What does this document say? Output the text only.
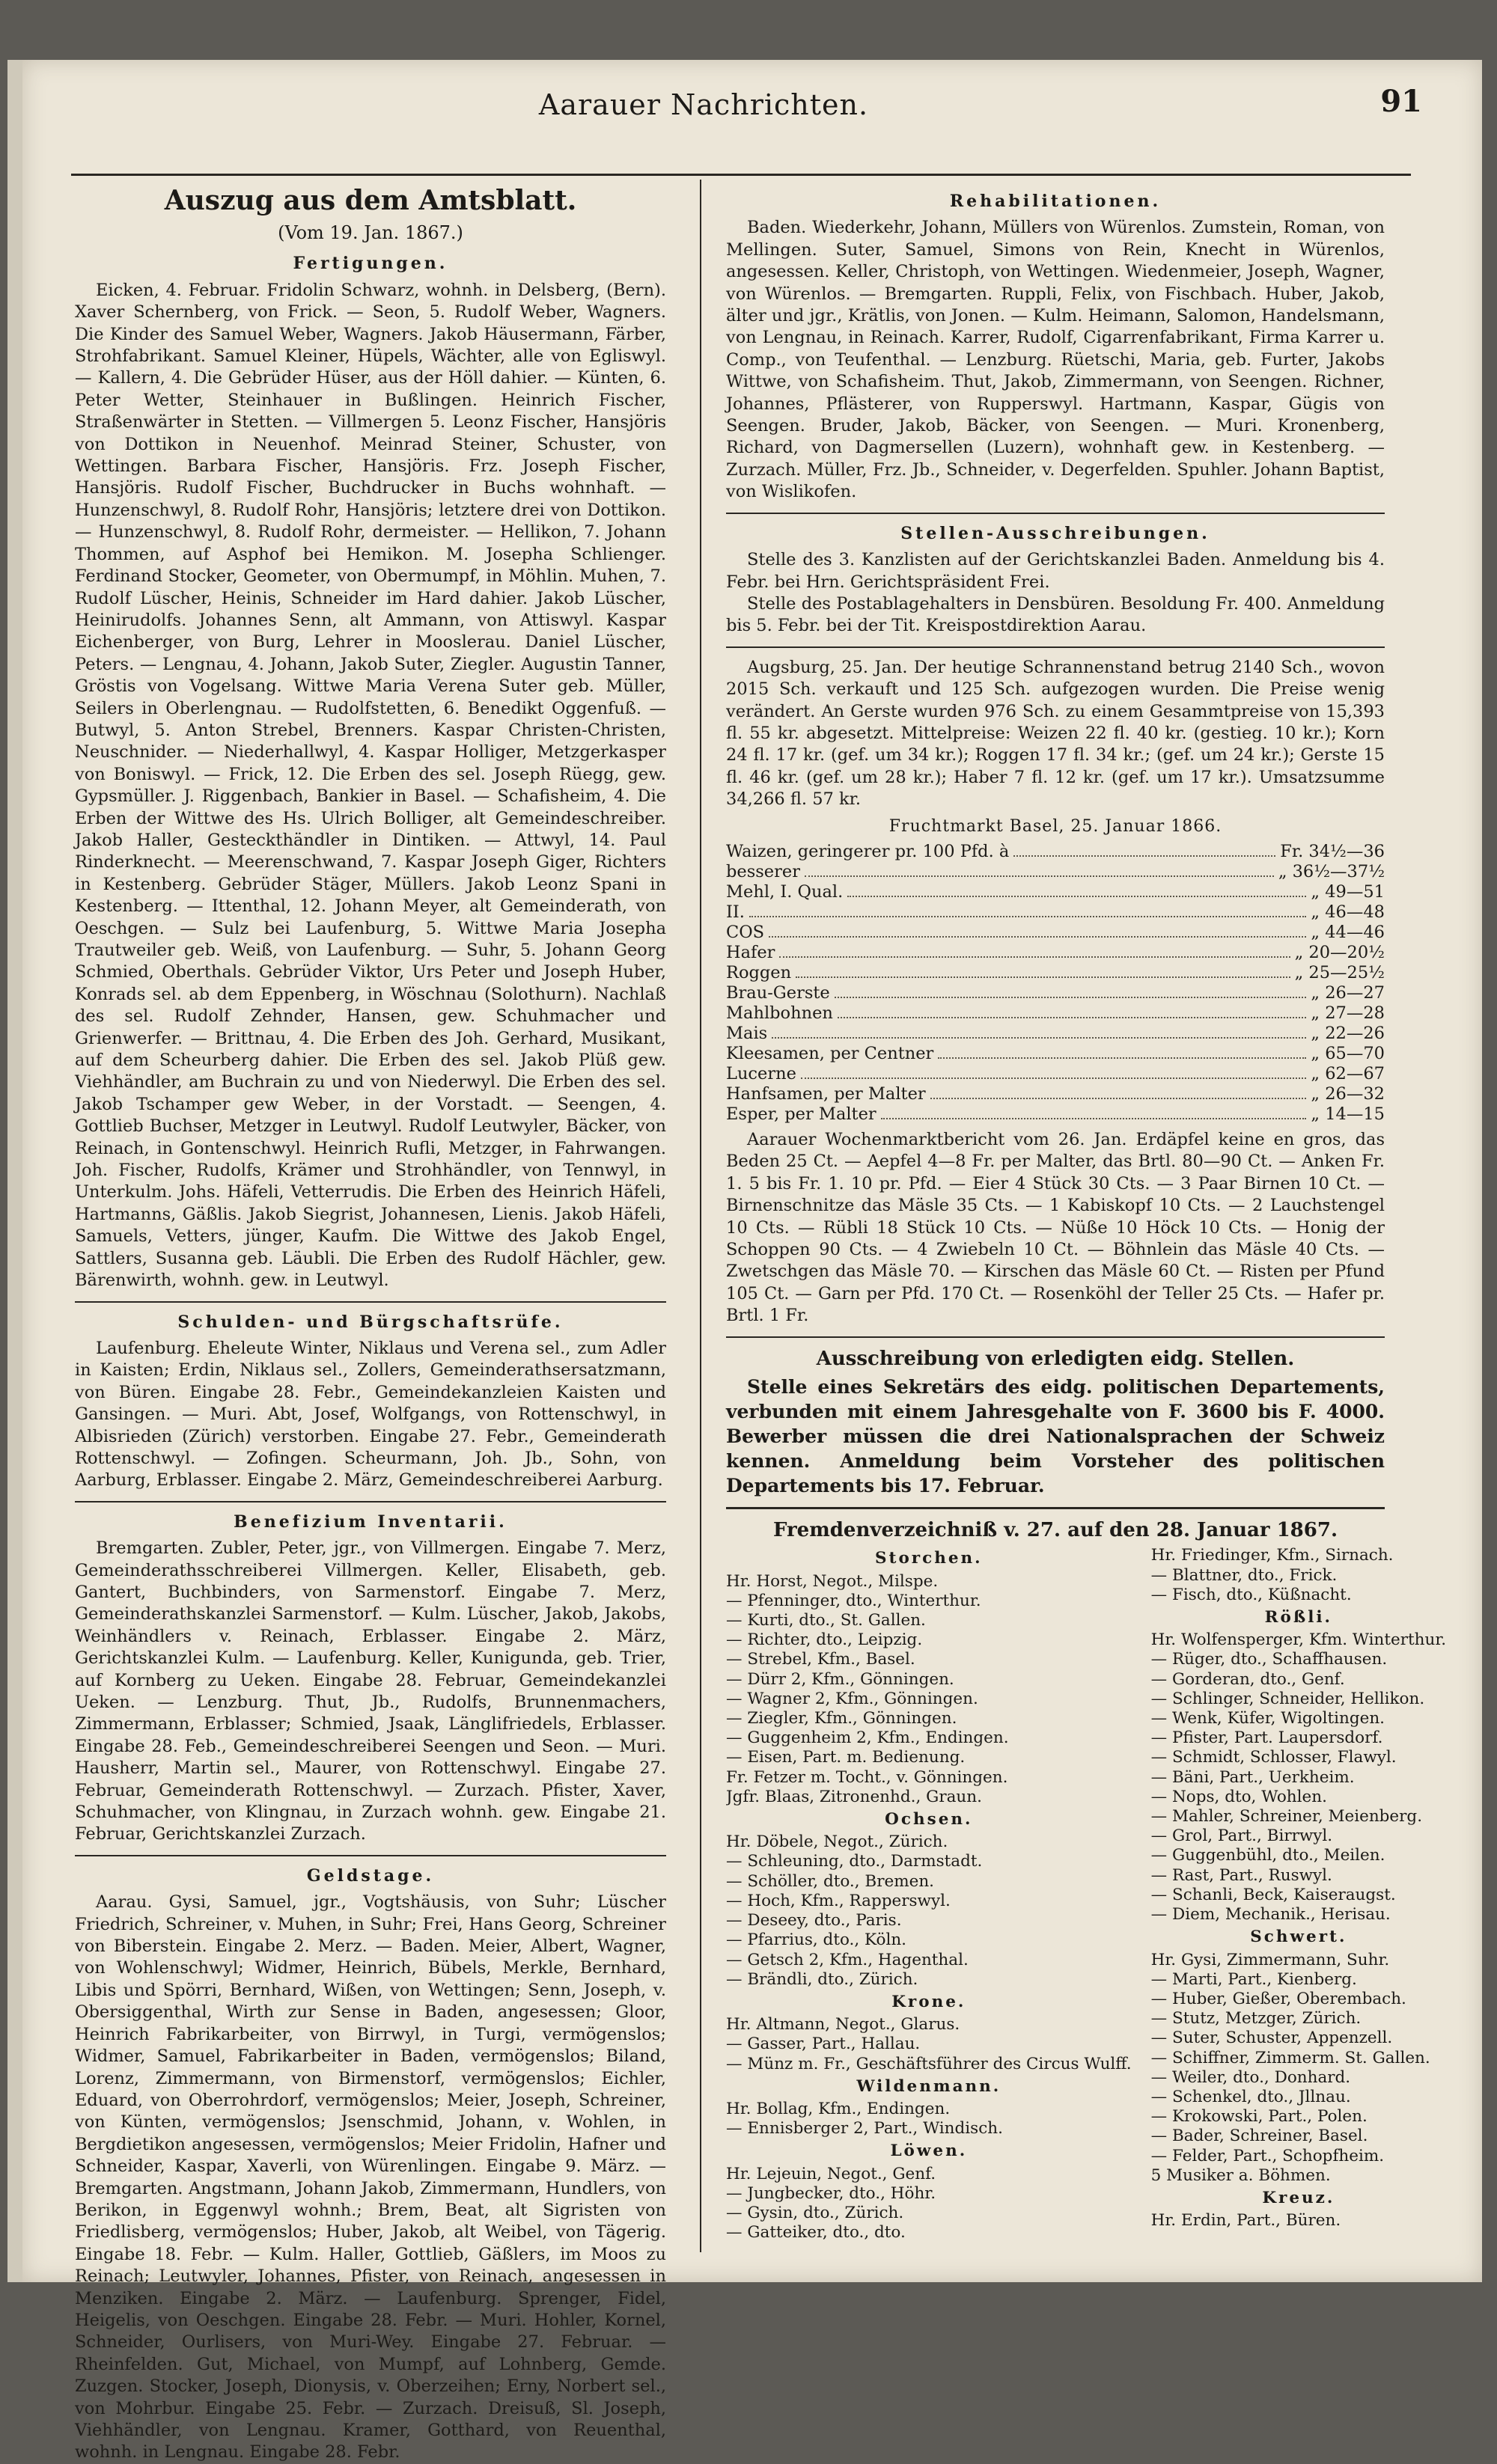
Aarauer Nachrichten.	91
Auszug aus dem Amtsblatt.
(Vom 19. Jan. 1867.)
Fertigungen.

Eicken, 4. Februar. Fridolin Schwarz, wohnh. in Delsberg, (Bern). Xaver Schernberg, von Frick. — Seon, 5. Rudolf Weber, Wagners. Die Kinder des Samuel Weber, Wagners. Jakob Häusermann, Färber, Strohfabrikant. Samuel Kleiner, Hüpels, Wächter, alle von Egliswyl. — Kallern, 4. Die Gebrüder Hüser, aus der Höll dahier. — Künten, 6. Peter Wetter, Steinhauer in Bußlingen. Heinrich Fischer, Straßenwärter in Stetten. — Villmergen 5. Leonz Fischer, Hansjöris von Dottikon in Neuenhof. Meinrad Steiner, Schuster, von Wettingen. Barbara Fischer, Hansjöris. Frz. Joseph Fischer, Hansjöris. Rudolf Fischer, Buchdrucker in Buchs wohnhaft. — Hunzenschwyl, 8. Rudolf Rohr, Hansjöris; letztere drei von Dottikon. — Hunzenschwyl, 8. Rudolf Rohr, dermeister. — Hellikon, 7. Johann Thommen, auf Asphof bei Hemikon. M. Josepha Schlienger. Ferdinand Stocker, Geometer, von Obermumpf, in Möhlin. Muhen, 7. Rudolf Lüscher, Heinis, Schneider im Hard dahier. Jakob Lüscher, Heinirudolfs. Johannes Senn, alt Ammann, von Attiswyl. Kaspar Eichenberger, von Burg, Lehrer in Mooslerau. Daniel Lüscher, Peters. — Lengnau, 4. Johann, Jakob Suter, Ziegler. Augustin Tanner, Gröstis von Vogelsang. Wittwe Maria Verena Suter geb. Müller, Seilers in Oberlengnau. — Rudolfstetten, 6. Benedikt Oggenfuß. — Butwyl, 5. Anton Strebel, Brenners. Kaspar Christen-Christen, Neuschnider. — Niederhallwyl, 4. Kaspar Holliger, Metzgerkasper von Boniswyl. — Frick, 12. Die Erben des sel. Joseph Rüegg, gew. Gypsmüller. J. Riggenbach, Bankier in Basel. — Schafisheim, 4. Die Erben der Wittwe des Hs. Ulrich Bolliger, alt Gemeindeschreiber. Jakob Haller, Gesteckthändler in Dintiken. — Attwyl, 14. Paul Rinderknecht. — Meerenschwand, 7. Kaspar Joseph Giger, Richters in Kestenberg. Gebrüder Stäger, Müllers. Jakob Leonz Spani in Kestenberg. — Ittenthal, 12. Johann Meyer, alt Gemeinderath, von Oeschgen. — Sulz bei Laufenburg, 5. Wittwe Maria Josepha Trautweiler geb. Weiß, von Laufenburg. — Suhr, 5. Johann Georg Schmied, Oberthals. Gebrüder Viktor, Urs Peter und Joseph Huber, Konrads sel. ab dem Eppenberg, in Wöschnau (Solothurn). Nachlaß des sel. Rudolf Zehnder, Hansen, gew. Schuhmacher und Grienwerfer. — Brittnau, 4. Die Erben des Joh. Gerhard, Musikant, auf dem Scheurberg dahier. Die Erben des sel. Jakob Plüß gew. Viehhändler, am Buchrain zu und von Niederwyl. Die Erben des sel. Jakob Tschamper gew Weber, in der Vorstadt. — Seengen, 4. Gottlieb Buchser, Metzger in Leutwyl. Rudolf Leutwyler, Bäcker, von Reinach, in Gontenschwyl. Heinrich Rufli, Metzger, in Fahrwangen. Joh. Fischer, Rudolfs, Krämer und Strohhändler, von Tennwyl, in Unterkulm. Johs. Häfeli, Vetterrudis. Die Erben des Heinrich Häfeli, Hartmanns, Gäßlis. Jakob Siegrist, Johannesen, Lienis. Jakob Häfeli, Samuels, Vetters, jünger, Kaufm. Die Wittwe des Jakob Engel, Sattlers, Susanna geb. Läubli. Die Erben des Rudolf Hächler, gew. Bärenwirth, wohnh. gew. in Leutwyl.

Schulden- und Bürgschaftsrüfe.

Laufenburg. Eheleute Winter, Niklaus und Verena sel., zum Adler in Kaisten; Erdin, Niklaus sel., Zollers, Gemeinderathsersatzmann, von Büren. Eingabe 28. Febr., Gemeindekanzleien Kaisten und Gansingen. — Muri. Abt, Josef, Wolfgangs, von Rottenschwyl, in Albisrieden (Zürich) verstorben. Eingabe 27. Febr., Gemeinderath Rottenschwyl. — Zofingen. Scheurmann, Joh. Jb., Sohn, von Aarburg, Erblasser. Eingabe 2. März, Gemeindeschreiberei Aarburg.

Benefizium Inventarii.

Bremgarten. Zubler, Peter, jgr., von Villmergen. Eingabe 7. Merz, Gemeinderathsschreiberei Villmergen. Keller, Elisabeth, geb. Gantert, Buchbinders, von Sarmenstorf. Eingabe 7. Merz, Gemeinderathskanzlei Sarmenstorf. — Kulm. Lüscher, Jakob, Jakobs, Weinhändlers v. Reinach, Erblasser. Eingabe 2. März, Gerichtskanzlei Kulm. — Laufenburg. Keller, Kunigunda, geb. Trier, auf Kornberg zu Ueken. Eingabe 28. Februar, Gemeindekanzlei Ueken. — Lenzburg. Thut, Jb., Rudolfs, Brunnenmachers, Zimmermann, Erblasser; Schmied, Jsaak, Länglifriedels, Erblasser. Eingabe 28. Feb., Gemeindeschreiberei Seengen und Seon. — Muri. Hausherr, Martin sel., Maurer, von Rottenschwyl. Eingabe 27. Februar, Gemeinderath Rottenschwyl. — Zurzach. Pfister, Xaver, Schuhmacher, von Klingnau, in Zurzach wohnh. gew. Eingabe 21. Februar, Gerichtskanzlei Zurzach.

Geldstage.

Aarau. Gysi, Samuel, jgr., Vogtshäusis, von Suhr; Lüscher Friedrich, Schreiner, v. Muhen, in Suhr; Frei, Hans Georg, Schreiner von Biberstein. Eingabe 2. Merz. — Baden. Meier, Albert, Wagner, von Wohlenschwyl; Widmer, Heinrich, Bübels, Merkle, Bernhard, Libis und Spörri, Bernhard, Wißen, von Wettingen; Senn, Joseph, v. Obersiggenthal, Wirth zur Sense in Baden, angesessen; Gloor, Heinrich Fabrikarbeiter, von Birrwyl, in Turgi, vermögenslos; Widmer, Samuel, Fabrikarbeiter in Baden, vermögenslos; Biland, Lorenz, Zimmermann, von Birmenstorf, vermögenslos; Eichler, Eduard, von Oberrohrdorf, vermögenslos; Meier, Joseph, Schreiner, von Künten, vermögenslos; Jsenschmid, Johann, v. Wohlen, in Bergdietikon angesessen, vermögenslos; Meier Fridolin, Hafner und Schneider, Kaspar, Xaverli, von Würenlingen. Eingabe 9. März. — Bremgarten. Angstmann, Johann Jakob, Zimmermann, Hundlers, von Berikon, in Eggenwyl wohnh.; Brem, Beat, alt Sigristen von Friedlisberg, vermögenslos; Huber, Jakob, alt Weibel, von Tägerig. Eingabe 18. Febr. — Kulm. Haller, Gottlieb, Gäßlers, im Moos zu Reinach; Leutwyler, Johannes, Pfister, von Reinach, angesessen in Menziken. Eingabe 2. März. — Laufenburg. Sprenger, Fidel, Heigelis, von Oeschgen. Eingabe 28. Febr. — Muri. Hohler, Kornel, Schneider, Ourlisers, von Muri-Wey. Eingabe 27. Februar. — Rheinfelden. Gut, Michael, von Mumpf, auf Lohnberg, Gemde. Zuzgen. Stocker, Joseph, Dionysis, v. Oberzeihen; Erny, Norbert sel., von Mohrbur. Eingabe 25. Febr. — Zurzach. Dreisuß, Sl. Joseph, Viehhändler, von Lengnau. Kramer, Gotthard, von Reuenthal, wohnh. in Lengnau. Eingabe 28. Febr.

Rehabilitationen.

Baden. Wiederkehr, Johann, Müllers von Würenlos. Zumstein, Roman, von Mellingen. Suter, Samuel, Simons von Rein, Knecht in Würenlos, angesessen. Keller, Christoph, von Wettingen. Wiedenmeier, Joseph, Wagner, von Würenlos. — Bremgarten. Ruppli, Felix, von Fischbach. Huber, Jakob, älter und jgr., Krätlis, von Jonen. — Kulm. Heimann, Salomon, Handelsmann, von Lengnau, in Reinach. Karrer, Rudolf, Cigarrenfabrikant, Firma Karrer u. Comp., von Teufenthal. — Lenzburg. Rüetschi, Maria, geb. Furter, Jakobs Wittwe, von Schafisheim. Thut, Jakob, Zimmermann, von Seengen. Richner, Johannes, Pflästerer, von Rupperswyl. Hartmann, Kaspar, Gügis von Seengen. Bruder, Jakob, Bäcker, von Seengen. — Muri. Kronenberg, Richard, von Dagmersellen (Luzern), wohnhaft gew. in Kestenberg. — Zurzach. Müller, Frz. Jb., Schneider, v. Degerfelden. Spuhler. Johann Baptist, von Wislikofen.

Stellen-Ausschreibungen.

Stelle des 3. Kanzlisten auf der Gerichtskanzlei Baden. Anmeldung bis 4. Febr. bei Hrn. Gerichtspräsident Frei.

Stelle des Postablagehalters in Densbüren. Besoldung Fr. 400. Anmeldung bis 5. Febr. bei der Tit. Kreispostdirektion Aarau.

Augsburg, 25. Jan. Der heutige Schrannenstand betrug 2140 Sch., wovon 2015 Sch. verkauft und 125 Sch. aufgezogen wurden. Die Preise wenig verändert. An Gerste wurden 976 Sch. zu einem Gesammtpreise von 15,393 fl. 55 kr. abgesetzt. Mittelpreise: Weizen 22 fl. 40 kr. (gestieg. 10 kr.); Korn 24 fl. 17 kr. (gef. um 34 kr.); Roggen 17 fl. 34 kr.; (gef. um 24 kr.); Gerste 15 fl. 46 kr. (gef. um 28 kr.); Haber 7 fl. 12 kr. (gef. um 17 kr.). Umsatzsumme 34,266 fl. 57 kr.

Fruchtmarkt Basel, 25. Januar 1866.
Waizen, geringerer pr. 100 Pfd. à	Fr. 34½—36
besserer	„ 36½—37½
Mehl, I. Qual.	„ 49—51
II.	„ 46—48
COS	„ 44—46
Hafer	„ 20—20½
Roggen	„ 25—25½
Brau-Gerste	„ 26—27
Mahlbohnen	„ 27—28
Mais	„ 22—26
Kleesamen, per Centner	„ 65—70
Lucerne	„ 62—67
Hanfsamen, per Malter	„ 26—32
Esper, per Malter	„ 14—15

Aarauer Wochenmarktbericht vom 26. Jan. Erdäpfel keine en gros, das Beden 25 Ct. — Aepfel 4—8 Fr. per Malter, das Brtl. 80—90 Ct. — Anken Fr. 1. 5 bis Fr. 1. 10 pr. Pfd. — Eier 4 Stück 30 Cts. — 3 Paar Birnen 10 Ct. — Birnenschnitze das Mäsle 35 Cts. — 1 Kabiskopf 10 Cts. — 2 Lauchstengel 10 Cts. — Rübli 18 Stück 10 Cts. — Nüße 10 Höck 10 Cts. — Honig der Schoppen 90 Cts. — 4 Zwiebeln 10 Ct. — Böhnlein das Mäsle 40 Cts. — Zwetschgen das Mäsle 70. — Kirschen das Mäsle 60 Ct. — Risten per Pfund 105 Ct. — Garn per Pfd. 170 Ct. — Rosenköhl der Teller 25 Cts. — Hafer pr. Brtl. 1 Fr.

Ausschreibung von erledigten eidg. Stellen.

Stelle eines Sekretärs des eidg. politischen Departements, verbunden mit einem Jahresgehalte von F. 3600 bis F. 4000. Bewerber müssen die drei Nationalsprachen der Schweiz kennen. Anmeldung beim Vorsteher des politischen Departements bis 17. Februar.

Fremdenverzeichniß v. 27. auf den 28. Januar 1867.
Storchen.
Hr. Horst, Negot., Milspe.
— Pfenninger, dto., Winterthur.
— Kurti, dto., St. Gallen.
— Richter, dto., Leipzig.
— Strebel, Kfm., Basel.
— Dürr 2, Kfm., Gönningen.
— Wagner 2, Kfm., Gönningen.
— Ziegler, Kfm., Gönningen.
— Guggenheim 2, Kfm., Endingen.
— Eisen, Part. m. Bedienung.
Fr. Fetzer m. Tocht., v. Gönningen.
Jgfr. Blaas, Zitronenhd., Graun.
Ochsen.
Hr. Döbele, Negot., Zürich.
— Schleuning, dto., Darmstadt.
— Schöller, dto., Bremen.
— Hoch, Kfm., Rapperswyl.
— Deseey, dto., Paris.
— Pfarrius, dto., Köln.
— Getsch 2, Kfm., Hagenthal.
— Brändli, dto., Zürich.
Krone.
Hr. Altmann, Negot., Glarus.
— Gasser, Part., Hallau.
— Münz m. Fr., Geschäftsführer des Circus Wulff.
Wildenmann.
Hr. Bollag, Kfm., Endingen.
— Ennisberger 2, Part., Windisch.
Löwen.
Hr. Lejeuin, Negot., Genf.
— Jungbecker, dto., Höhr.
— Gysin, dto., Zürich.
— Gatteiker, dto., dto.
Hr. Friedinger, Kfm., Sirnach.
— Blattner, dto., Frick.
— Fisch, dto., Küßnacht.
Rößli.
Hr. Wolfensperger, Kfm. Winterthur.
— Rüger, dto., Schaffhausen.
— Gorderan, dto., Genf.
— Schlinger, Schneider, Hellikon.
— Wenk, Küfer, Wigoltingen.
— Pfister, Part. Laupersdorf.
— Schmidt, Schlosser, Flawyl.
— Bäni, Part., Uerkheim.
— Nops, dto, Wohlen.
— Mahler, Schreiner, Meienberg.
— Grol, Part., Birrwyl.
— Guggenbühl, dto., Meilen.
— Rast, Part., Ruswyl.
— Schanli, Beck, Kaiseraugst.
— Diem, Mechanik., Herisau.
Schwert.
Hr. Gysi, Zimmermann, Suhr.
— Marti, Part., Kienberg.
— Huber, Gießer, Oberembach.
— Stutz, Metzger, Zürich.
— Suter, Schuster, Appenzell.
— Schiffner, Zimmerm. St. Gallen.
— Weiler, dto., Donhard.
— Schenkel, dto., Jllnau.
— Krokowski, Part., Polen.
— Bader, Schreiner, Basel.
— Felder, Part., Schopfheim.
5 Musiker a. Böhmen.
Kreuz.
Hr. Erdin, Part., Büren.
